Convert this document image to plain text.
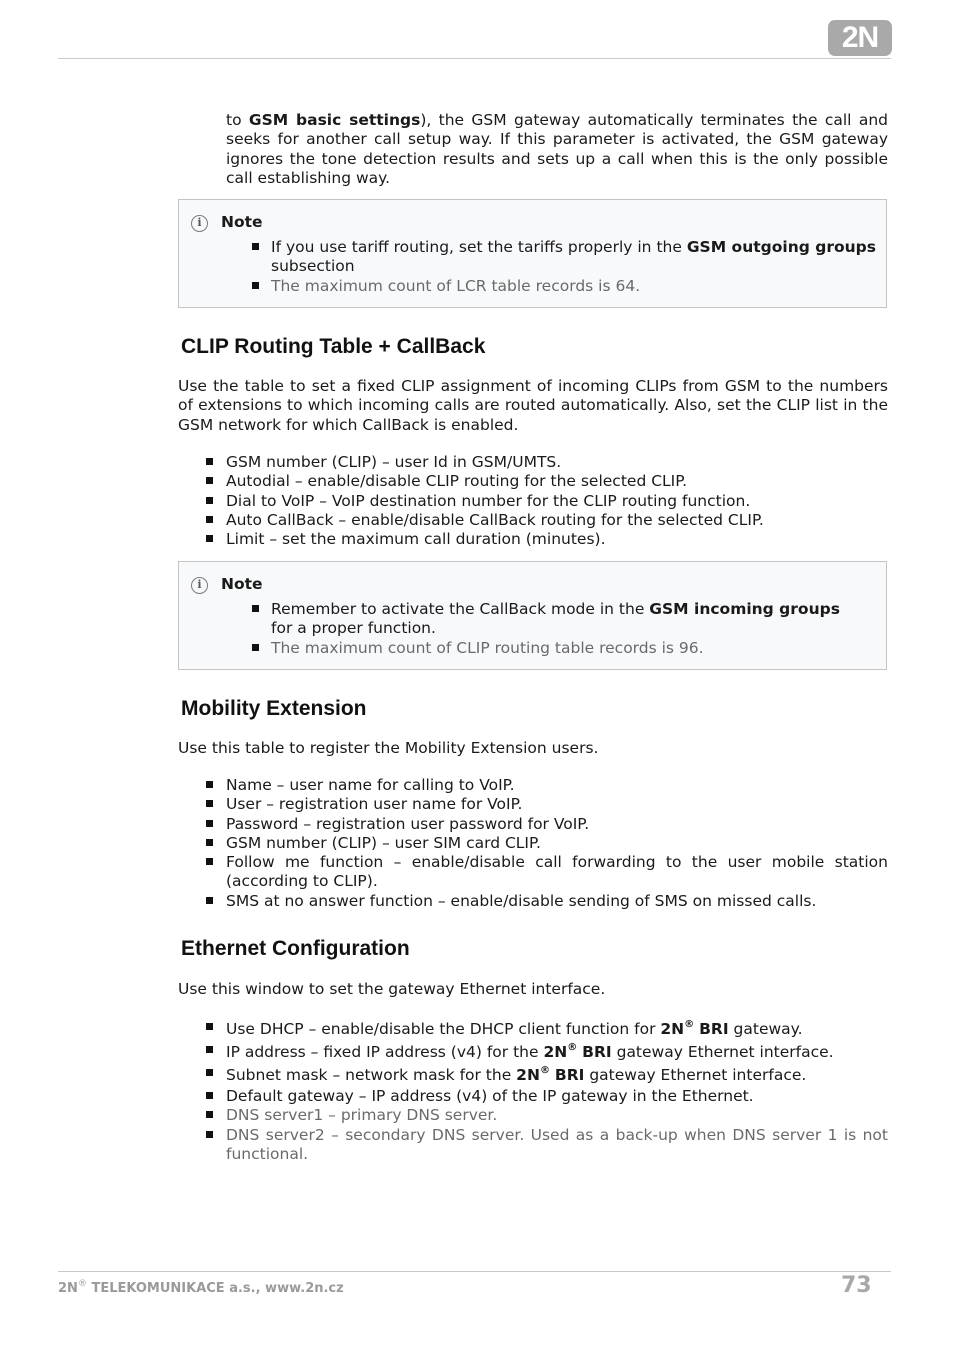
2N
to GSM basic settings), the GSM gateway automatically terminates the call and seeks for another call setup way. If this parameter is activated, the GSM gateway ignores the tone detection results and sets up a call when this is the only possible call establishing way.
i	Note
If you use tariff routing, set the tariffs properly in the GSM outgoing groups subsection
The maximum count of LCR table records is 64.
CLIP Routing Table + CallBack
Use the table to set a fixed CLIP assignment of incoming CLIPs from GSM to the numbers of extensions to which incoming calls are routed automatically. Also, set the CLIP list in the GSM network for which CallBack is enabled.
GSM number (CLIP) – user Id in GSM/UMTS.
Autodial – enable/disable CLIP routing for the selected CLIP.
Dial to VoIP – VoIP destination number for the CLIP routing function.
Auto CallBack – enable/disable CallBack routing for the selected CLIP.
Limit – set the maximum call duration (minutes).
i	Note
Remember to activate the CallBack mode in the GSM incoming groups
for a proper function.
The maximum count of CLIP routing table records is 96.
Mobility Extension
Use this table to register the Mobility Extension users.
Name – user name for calling to VoIP.
User – registration user name for VoIP.
Password – registration user password for VoIP.
GSM number (CLIP) – user SIM card CLIP.
Follow me function – enable/disable call forwarding to the user mobile station (according to CLIP).
SMS at no answer function – enable/disable sending of SMS on missed calls.
Ethernet Configuration
Use this window to set the gateway Ethernet interface.
Use DHCP – enable/disable the DHCP client function for 2N® BRI gateway.
IP address – fixed IP address (v4) for the 2N® BRI gateway Ethernet interface.
Subnet mask – network mask for the 2N® BRI gateway Ethernet interface.
Default gateway – IP address (v4) of the IP gateway in the Ethernet.
DNS server1 – primary DNS server.
DNS server2 – secondary DNS server. Used as a back-up when DNS server 1 is not functional.
2N® TELEKOMUNIKACE a.s., www.2n.cz	73
